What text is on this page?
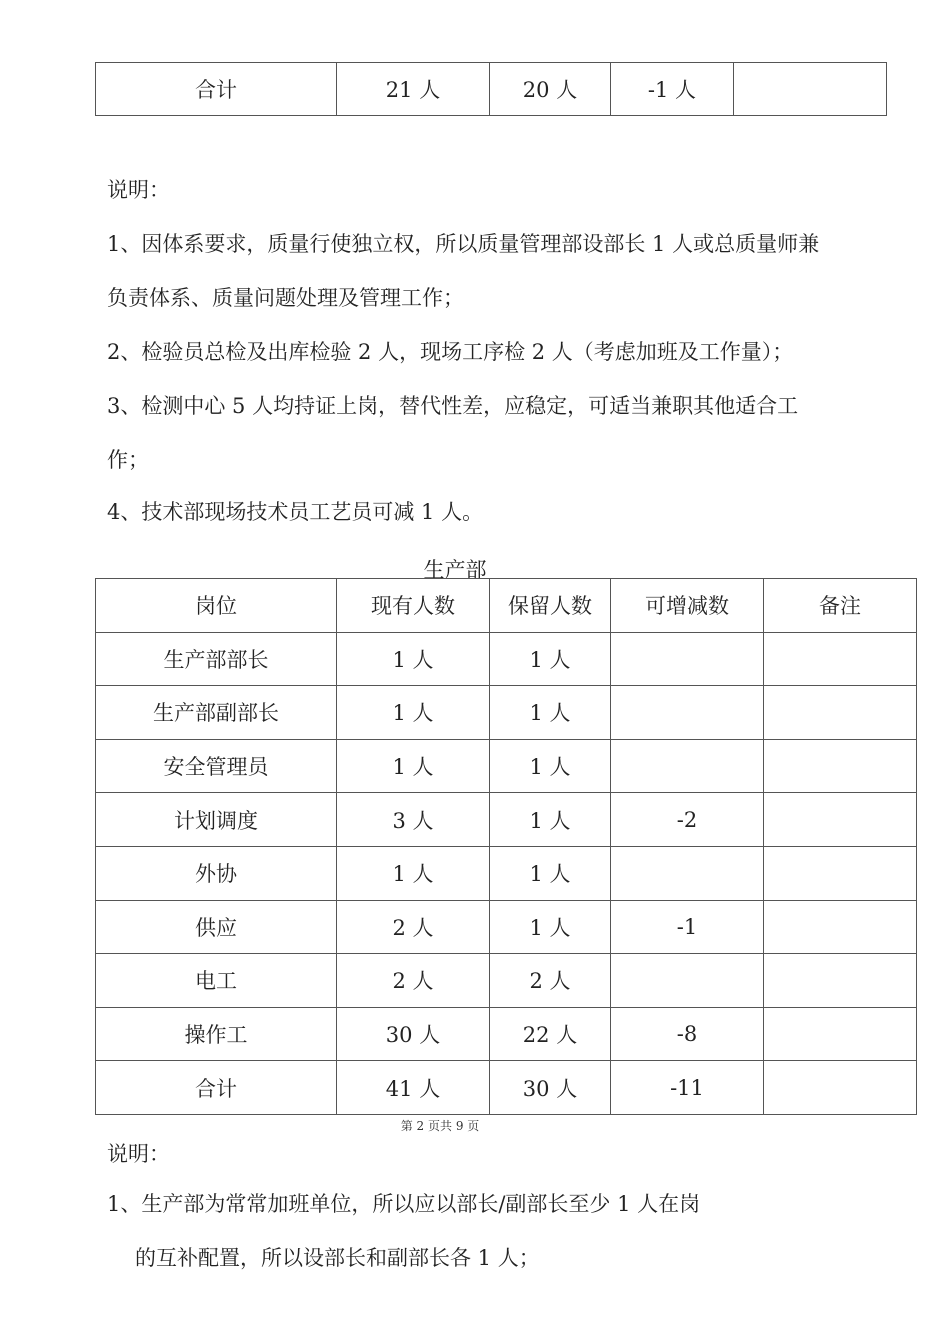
合计	21 人	20 人	-1 人	
说明：
1、因体系要求，质量行使独立权，所以质量管理部设部长 1 人或总质量师兼
负责体系、质量问题处理及管理工作；
2、检验员总检及出库检验 2 人，现场工序检 2 人（考虑加班及工作量）；
3、检测中心 5 人均持证上岗，替代性差，应稳定，可适当兼职其他适合工
作；
4、技术部现场技术员工艺员可减 1 人。
生产部
岗位	现有人数	保留人数	可增减数	备注
生产部部长	1 人	1 人		
生产部副部长	1 人	1 人		
安全管理员	1 人	1 人		
计划调度	3 人	1 人	-2	
外协	1 人	1 人		
供应	2 人	1 人	-1	
电工	2 人	2 人		
操作工	30 人	22 人	-8	
合计	41 人	30 人	-11	
第 2 页共 9 页
说明：
1、生产部为常常加班单位，所以应以部长/副部长至少 1 人在岗
的互补配置，所以设部长和副部长各 1 人；
